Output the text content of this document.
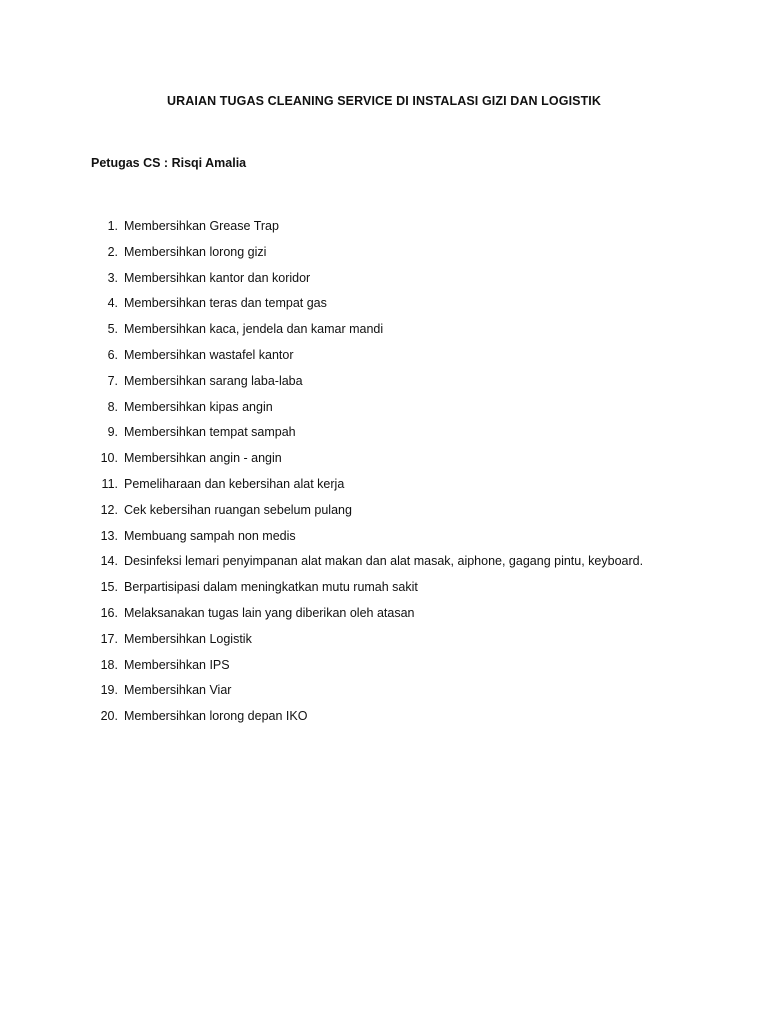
URAIAN TUGAS CLEANING SERVICE DI INSTALASI GIZI DAN LOGISTIK
Petugas CS : Risqi Amalia
1. Membersihkan Grease Trap
2. Membersihkan lorong gizi
3. Membersihkan kantor dan koridor
4. Membersihkan teras dan tempat gas
5. Membersihkan kaca, jendela dan kamar mandi
6. Membersihkan wastafel kantor
7. Membersihkan sarang laba-laba
8. Membersihkan kipas angin
9. Membersihkan tempat sampah
10. Membersihkan angin - angin
11. Pemeliharaan dan kebersihan alat kerja
12. Cek kebersihan ruangan sebelum pulang
13. Membuang sampah non medis
14. Desinfeksi lemari penyimpanan alat makan dan alat masak, aiphone, gagang pintu, keyboard.
15. Berpartisipasi dalam meningkatkan mutu rumah sakit
16. Melaksanakan tugas lain yang diberikan oleh atasan
17. Membersihkan Logistik
18. Membersihkan IPS
19. Membersihkan Viar
20. Membersihkan lorong depan IKO
